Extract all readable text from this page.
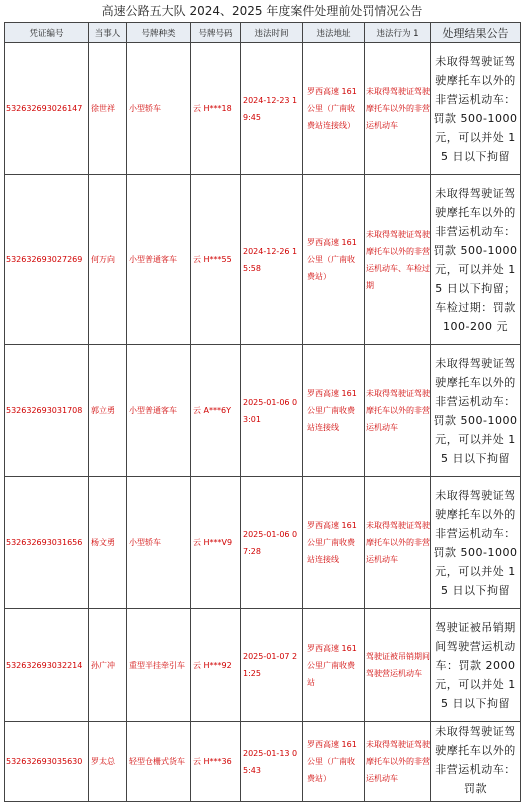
高速公路五大队 2024、2025 年度案件处理前处罚情况公告
凭证编号	当事人	号牌种类	号牌号码	违法时间	违法地址	违法行为 1	处理结果公告
532632693026147	徐世祥	小型轿车	云 H***18	2024-12-23 19:45	罗西高速 161 公里（广南收费站连接线）	未取得驾驶证驾驶摩托车以外的非营运机动车	未取得驾驶证驾驶摩托车以外的非营运机动车：罚款 500-1000 元，可以并处 15 日以下拘留
532632693027269	何万向	小型普通客车	云 H***55	2024-12-26 15:58	罗西高速 161 公里（广南收费站）	未取得驾驶证驾驶摩托车以外的非营运机动车、车检过期	未取得驾驶证驾驶摩托车以外的非营运机动车：罚款 500-1000 元，可以并处 15 日以下拘留；车检过期：罚款 100-200 元
532632693031708	郭立勇	小型普通客车	云 A***6Y	2025-01-06 03:01	罗西高速 161 公里广南收费站连接线	未取得驾驶证驾驶摩托车以外的非营运机动车	未取得驾驶证驾驶摩托车以外的非营运机动车：罚款 500-1000 元，可以并处 15 日以下拘留
532632693031656	杨文勇	小型轿车	云 H***V9	2025-01-06 07:28	罗西高速 161 公里广南收费站连接线	未取得驾驶证驾驶摩托车以外的非营运机动车	未取得驾驶证驾驶摩托车以外的非营运机动车：罚款 500-1000 元，可以并处 15 日以下拘留
532632693032214	孙广冲	重型半挂牵引车	云 H***92	2025-01-07 21:25	罗西高速 161 公里广南收费站	驾驶证被吊销期间驾驶营运机动车	驾驶证被吊销期间驾驶营运机动车：罚款 2000 元，可以并处 15 日以下拘留
532632693035630	罗太总	轻型仓栅式货车	云 H***36	2025-01-13 05:43	罗西高速 161 公里（广南收费站）	未取得驾驶证驾驶摩托车以外的非营运机动车	未取得驾驶证驾驶摩托车以外的非营运机动车：罚款
